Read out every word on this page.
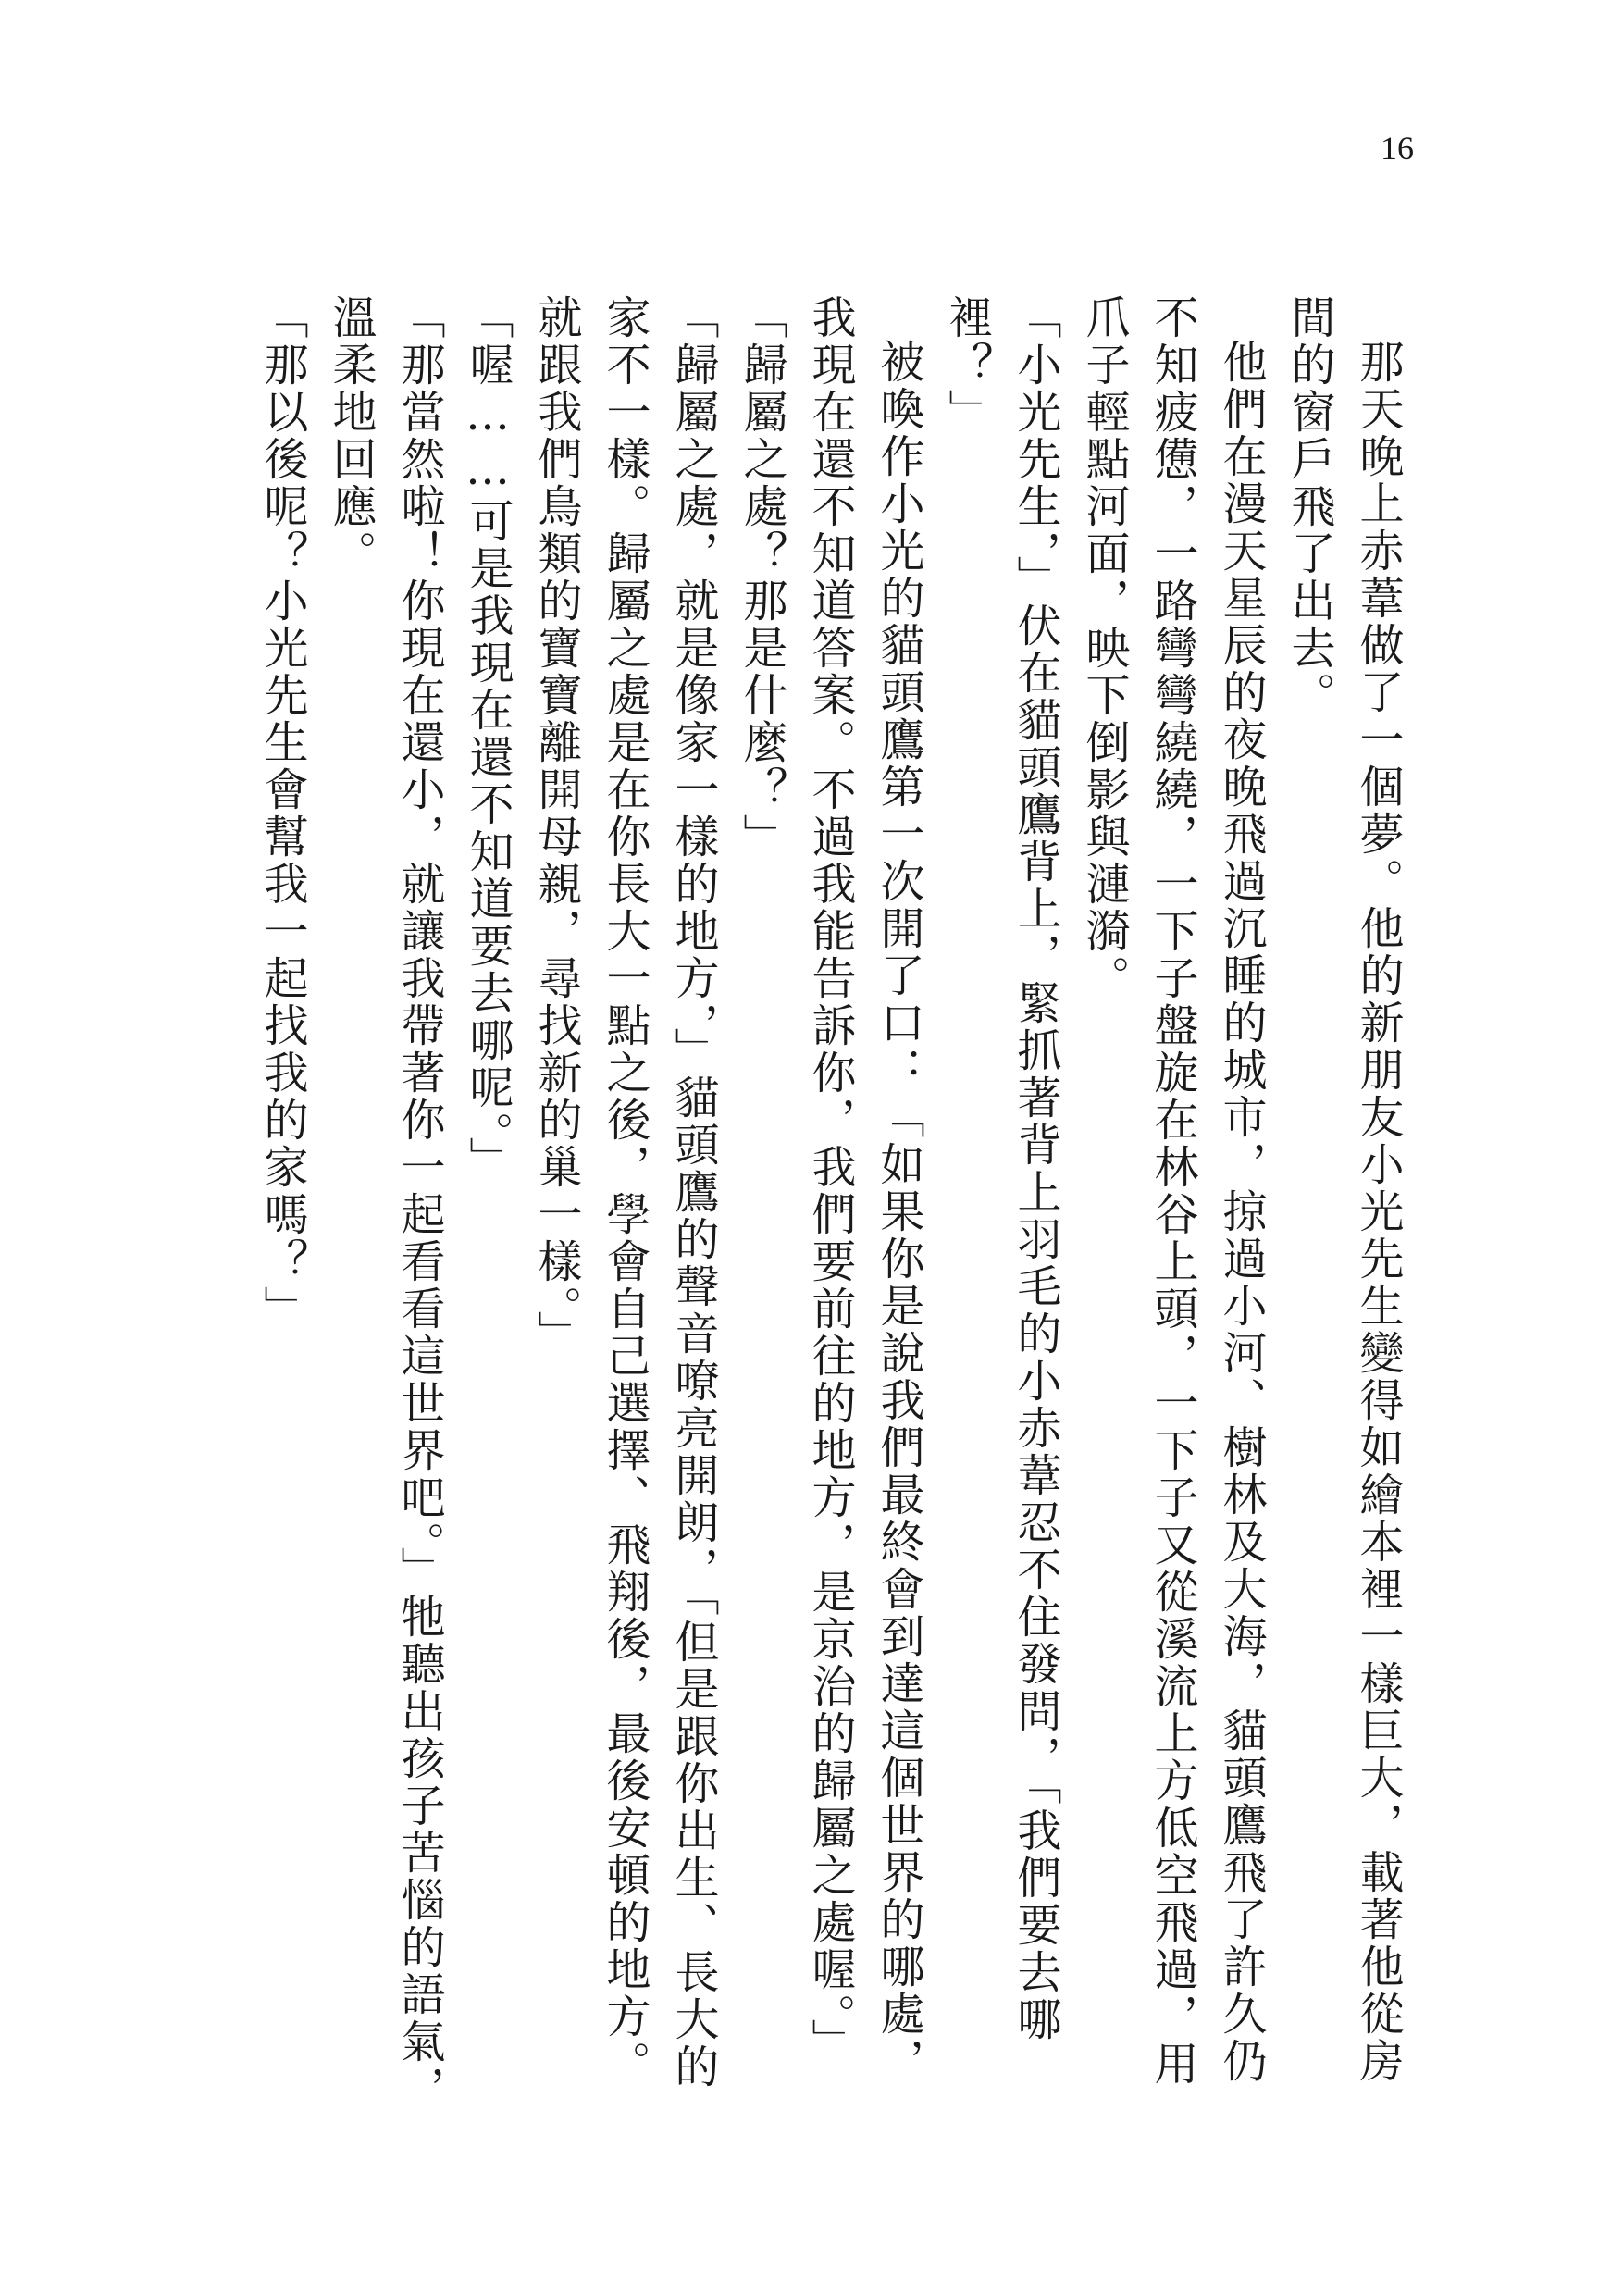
16

那天晚上赤葦做了一個夢。他的新朋友小光先生變得如繪本裡一樣巨大，載著他從房間的窗戶飛了出去。

他們在漫天星辰的夜晚飛過沉睡的城市，掠過小河、樹林及大海，貓頭鷹飛了許久仍不知疲憊，一路彎彎繞繞，一下子盤旋在林谷上頭，一下子又從溪流上方低空飛過，用爪子輕點河面，映下倒影與漣漪。

「小光先生，」伏在貓頭鷹背上，緊抓著背上羽毛的小赤葦忍不住發問，「我們要去哪裡？」

被喚作小光的貓頭鷹第一次開了口：「如果你是說我們最終會到達這個世界的哪處，我現在還不知道答案。不過我能告訴你，我們要前往的地方，是京治的歸屬之處喔。」

「歸屬之處？那是什麼？」

「歸屬之處，就是像家一樣的地方，」貓頭鷹的聲音嘹亮開朗，「但是跟你出生、長大的家不一樣。歸屬之處是在你長大一點之後，學會自己選擇、飛翔後，最後安頓的地方。就跟我們鳥類的寶寶離開母親，尋找新的巢一樣。」

「喔……可是我現在還不知道要去哪呢。」

「那當然啦！你現在還小，就讓我帶著你一起看看這世界吧。」牠聽出孩子苦惱的語氣，溫柔地回應。

「那以後呢？小光先生會幫我一起找我的家嗎？」
